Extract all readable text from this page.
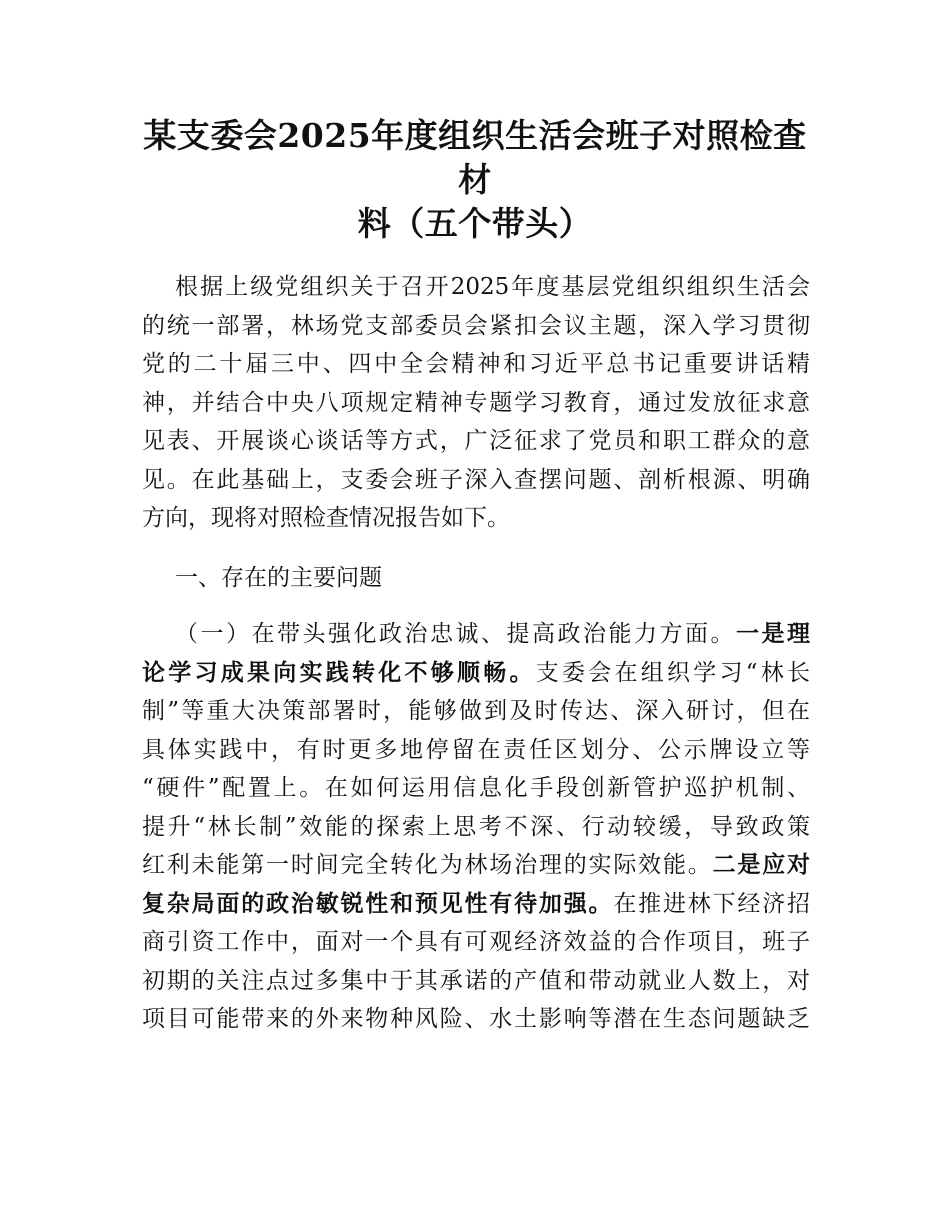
某支委会2025年度组织生活会班子对照检查材
料（五个带头）
根据上级党组织关于召开2025年度基层党组织组织生活会
的统一部署，林场党支部委员会紧扣会议主题，深入学习贯彻
党的二十届三中、四中全会精神和习近平总书记重要讲话精
神，并结合中央八项规定精神专题学习教育，通过发放征求意
见表、开展谈心谈话等方式，广泛征求了党员和职工群众的意
见。在此基础上，支委会班子深入查摆问题、剖析根源、明确
方向，现将对照检查情况报告如下。
一、存在的主要问题
（一）在带头强化政治忠诚、提高政治能力方面。一是理
论学习成果向实践转化不够顺畅。支委会在组织学习“林长
制”等重大决策部署时，能够做到及时传达、深入研讨，但在
具体实践中，有时更多地停留在责任区划分、公示牌设立等
“硬件”配置上。在如何运用信息化手段创新管护巡护机制、
提升“林长制”效能的探索上思考不深、行动较缓，导致政策
红利未能第一时间完全转化为林场治理的实际效能。二是应对
复杂局面的政治敏锐性和预见性有待加强。在推进林下经济招
商引资工作中，面对一个具有可观经济效益的合作项目，班子
初期的关注点过多集中于其承诺的产值和带动就业人数上，对
项目可能带来的外来物种风险、水土影响等潜在生态问题缺乏
